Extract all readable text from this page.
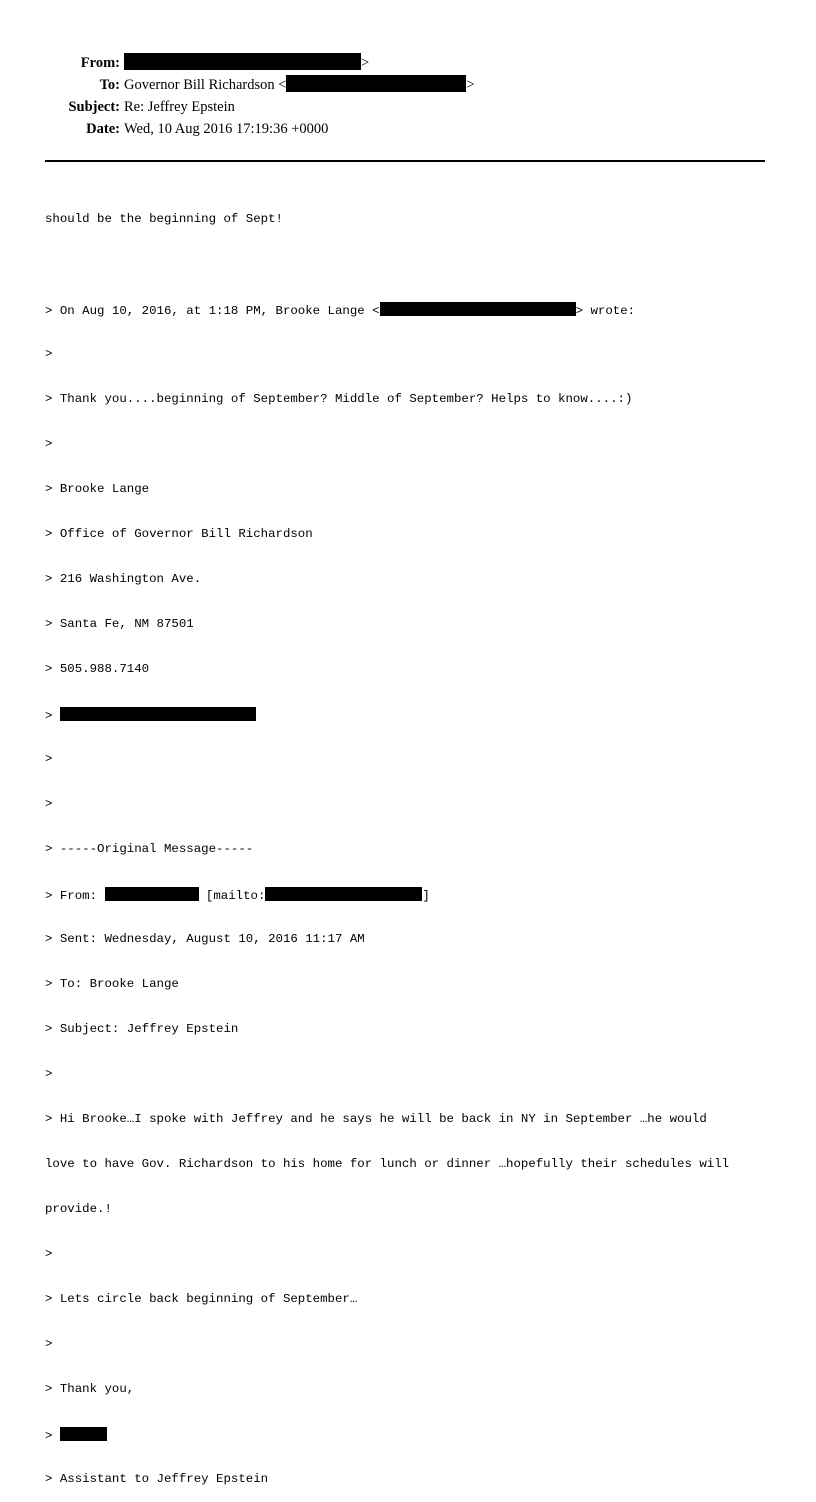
From:	>
To: Governor Bill Richardson <	>
Subject: Re: Jeffrey Epstein
Date: Wed, 10 Aug 2016 17:19:36 +0000

should be the beginning of Sept!

> On Aug 10, 2016, at 1:18 PM, Brooke Lange <	> wrote:

>

> Thank you....beginning of September? Middle of September? Helps to know....:)

>

> Brooke Lange

> Office of Governor Bill Richardson

> 216 Washington Ave.

> Santa Fe, NM 87501

> 505.988.7140

>

>

>

> -----Original Message-----

> From:	[mailto:	]

> Sent: Wednesday, August 10, 2016 11:17 AM

> To: Brooke Lange

> Subject: Jeffrey Epstein

>

> Hi Brooke…I spoke with Jeffrey and he says he will be back in NY in September …he would

love to have Gov. Richardson to his home for lunch or dinner …hopefully their schedules will

provide.!

>

> Lets circle back beginning of September…

>

> Thank you,

>

> Assistant to Jeffrey Epstein
